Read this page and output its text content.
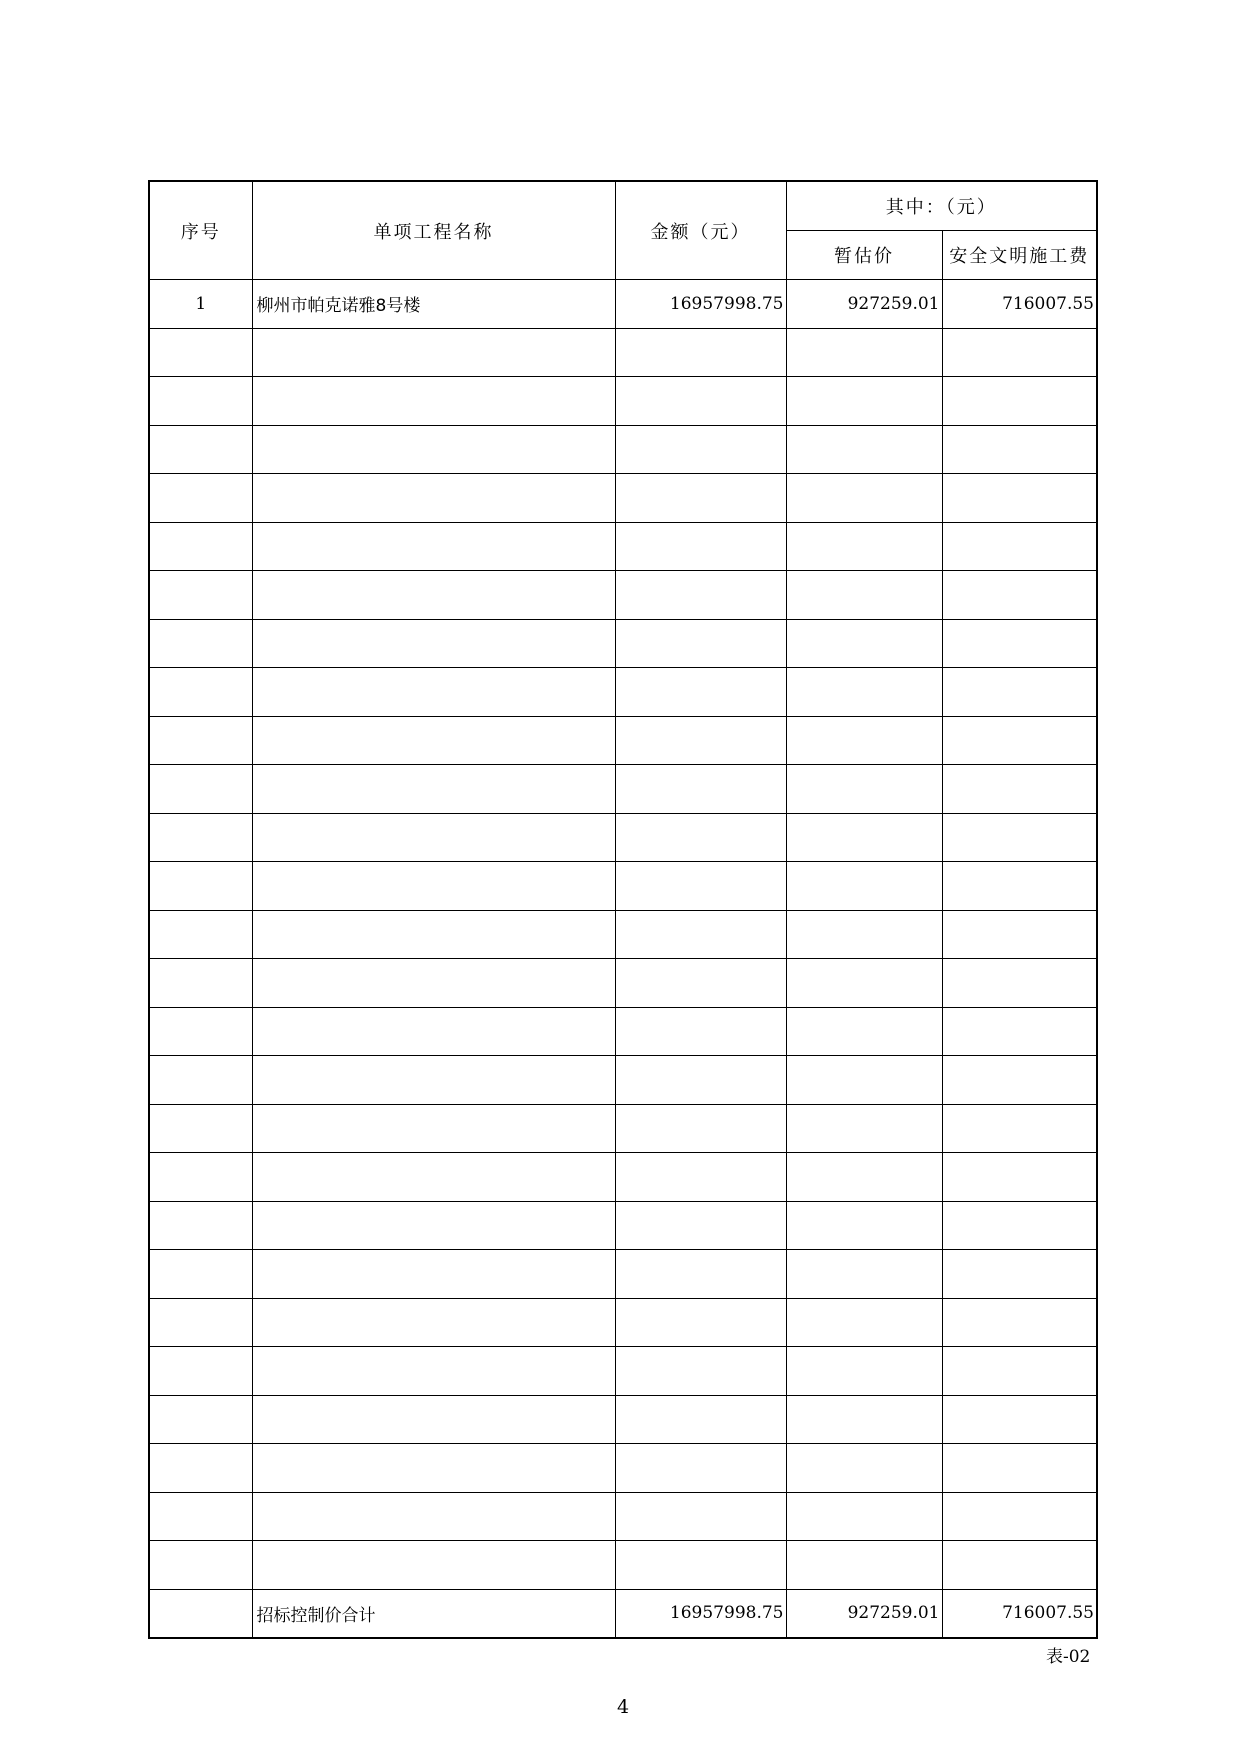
序号	单项工程名称	金额（元）	其中：（元）	
			暂估价	安全文明施工费
1	柳州市帕克诺雅8号楼	16957998.75	927259.01	716007.55

	招标控制价合计	16957998.75	927259.01	716007.55
表-02
4
